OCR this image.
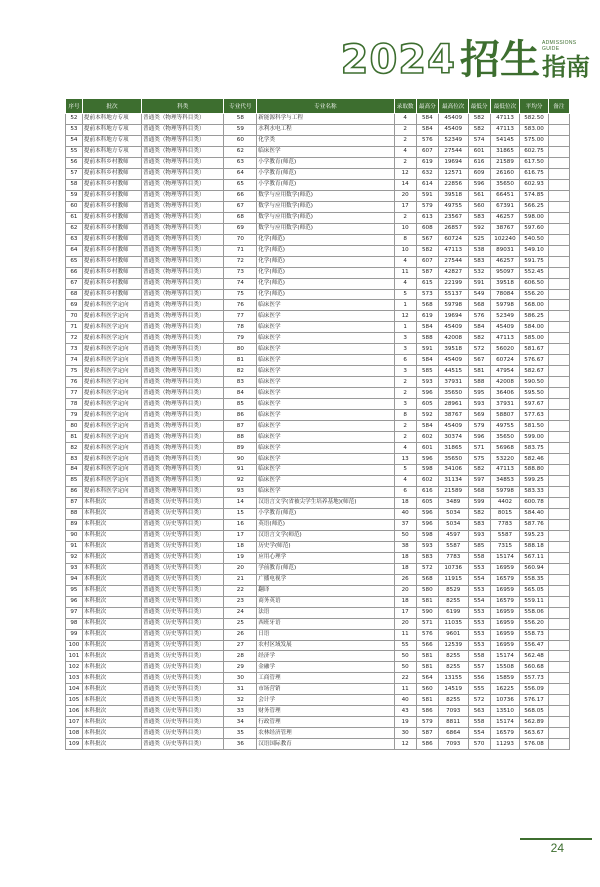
2024 招生 ADMISSIONS
GUIDE
指南
序号	批次	科类	专业代号	专业名称	录取数	最高分	最高位次	最低分	最低位次	平均分	备注
52	提前本科地方专项	普通类（物理等科目类）	58	新能源科学与工程	4	584	45409	582	47113	582.50	
53	提前本科地方专项	普通类（物理等科目类）	59	水利水电工程	2	584	45409	582	47113	583.00	
54	提前本科地方专项	普通类（物理等科目类）	60	化学类	2	576	52349	574	54145	575.00	
55	提前本科地方专项	普通类（物理等科目类）	62	临床医学	4	607	27544	601	31865	602.75	
56	提前本科乡村教师	普通类（物理等科目类）	63	小学教育(师范)	2	619	19694	616	21589	617.50	
57	提前本科乡村教师	普通类（物理等科目类）	64	小学教育(师范)	12	632	12571	609	26160	616.75	
58	提前本科乡村教师	普通类（物理等科目类）	65	小学教育(师范)	14	614	22856	596	35650	602.93	
59	提前本科乡村教师	普通类（物理等科目类）	66	数学与应用数学(师范)	20	591	39518	561	66451	574.85	
60	提前本科乡村教师	普通类（物理等科目类）	67	数学与应用数学(师范)	17	579	49755	560	67391	566.25	
61	提前本科乡村教师	普通类（物理等科目类）	68	数学与应用数学(师范)	2	613	23567	583	46257	598.00	
62	提前本科乡村教师	普通类（物理等科目类）	69	数学与应用数学(师范)	10	608	26857	592	38767	597.60	
63	提前本科乡村教师	普通类（物理等科目类）	70	化学(师范)	8	567	60724	525	102240	540.50	
64	提前本科乡村教师	普通类（物理等科目类）	71	化学(师范)	10	582	47113	538	89031	549.10	
65	提前本科乡村教师	普通类（物理等科目类）	72	化学(师范)	4	607	27544	583	46257	591.75	
66	提前本科乡村教师	普通类（物理等科目类）	73	化学(师范)	11	587	42827	532	95097	552.45	
67	提前本科乡村教师	普通类（物理等科目类）	74	化学(师范)	4	615	22199	591	39518	606.50	
68	提前本科乡村教师	普通类（物理等科目类）	75	化学(师范)	5	573	55137	549	78084	556.20	
69	提前本科医学定向	普通类（物理等科目类）	76	临床医学	1	568	59798	568	59798	568.00	
70	提前本科医学定向	普通类（物理等科目类）	77	临床医学	12	619	19694	576	52349	586.25	
71	提前本科医学定向	普通类（物理等科目类）	78	临床医学	1	584	45409	584	45409	584.00	
72	提前本科医学定向	普通类（物理等科目类）	79	临床医学	3	588	42008	582	47113	585.00	
73	提前本科医学定向	普通类（物理等科目类）	80	临床医学	3	591	39518	572	56020	581.67	
74	提前本科医学定向	普通类（物理等科目类）	81	临床医学	6	584	45409	567	60724	576.67	
75	提前本科医学定向	普通类（物理等科目类）	82	临床医学	3	585	44515	581	47954	582.67	
76	提前本科医学定向	普通类（物理等科目类）	83	临床医学	2	593	37931	588	42008	590.50	
77	提前本科医学定向	普通类（物理等科目类）	84	临床医学	2	596	35650	595	36406	595.50	
78	提前本科医学定向	普通类（物理等科目类）	85	临床医学	3	605	28961	593	37931	597.67	
79	提前本科医学定向	普通类（物理等科目类）	86	临床医学	8	592	38767	569	58807	577.63	
80	提前本科医学定向	普通类（物理等科目类）	87	临床医学	2	584	45409	579	49755	581.50	
81	提前本科医学定向	普通类（物理等科目类）	88	临床医学	2	602	30374	596	35650	599.00	
82	提前本科医学定向	普通类（物理等科目类）	89	临床医学	4	601	31865	571	56968	583.75	
83	提前本科医学定向	普通类（物理等科目类）	90	临床医学	13	596	35650	575	53220	582.46	
84	提前本科医学定向	普通类（物理等科目类）	91	临床医学	5	598	34106	582	47113	588.80	
85	提前本科医学定向	普通类（物理等科目类）	92	临床医学	4	602	31134	597	34853	599.25	
86	提前本科医学定向	普通类（物理等科目类）	93	临床医学	6	616	21589	568	59798	583.33	
87	本科批次	普通类（历史等科目类）	14	汉语言文学(省被尖学生培养基地)(师范)	18	605	3489	599	4402	600.78	
88	本科批次	普通类（历史等科目类）	15	小学教育(师范)	40	596	5034	582	8015	584.40	
89	本科批次	普通类（历史等科目类）	16	英语(师范)	37	596	5034	583	7783	587.76	
90	本科批次	普通类（历史等科目类）	17	汉语言文学(师范)	50	598	4597	593	5587	595.23	
91	本科批次	普通类（历史等科目类）	18	历史学(师范)	38	593	5587	585	7315	588.18	
92	本科批次	普通类（历史等科目类）	19	应用心理学	18	583	7783	558	15174	567.11	
93	本科批次	普通类（历史等科目类）	20	学前教育(师范)	18	572	10736	553	16959	560.94	
94	本科批次	普通类（历史等科目类）	21	广播电视学	26	568	11915	554	16579	558.35	
95	本科批次	普通类（历史等科目类）	22	翻译	20	580	8529	553	16959	565.05	
96	本科批次	普通类（历史等科目类）	23	商务英语	18	581	8255	554	16579	559.11	
97	本科批次	普通类（历史等科目类）	24	法语	17	590	6199	553	16959	558.06	
98	本科批次	普通类（历史等科目类）	25	西班牙语	20	571	11035	553	16959	556.20	
99	本科批次	普通类（历史等科目类）	26	日语	11	576	9601	553	16959	558.73	
100	本科批次	普通类（历史等科目类）	27	农村区域发展	55	566	12539	553	16959	556.47	
101	本科批次	普通类（历史等科目类）	28	经济学	50	581	8255	558	15174	562.48	
102	本科批次	普通类（历史等科目类）	29	金融学	50	581	8255	557	15508	560.68	
103	本科批次	普通类（历史等科目类）	30	工商管理	22	564	13155	556	15859	557.73	
104	本科批次	普通类（历史等科目类）	31	市场营销	11	560	14519	555	16225	556.09	
105	本科批次	普通类（历史等科目类）	32	会计学	40	581	8255	572	10736	576.17	
106	本科批次	普通类（历史等科目类）	33	财务管理	43	586	7093	563	13510	568.05	
107	本科批次	普通类（历史等科目类）	34	行政管理	19	579	8811	558	15174	562.89	
108	本科批次	普通类（历史等科目类）	35	农林经济管理	30	587	6864	554	16579	563.67	
109	本科批次	普通类（历史等科目类）	36	汉语国际教育	12	586	7093	570	11293	576.08	
24
